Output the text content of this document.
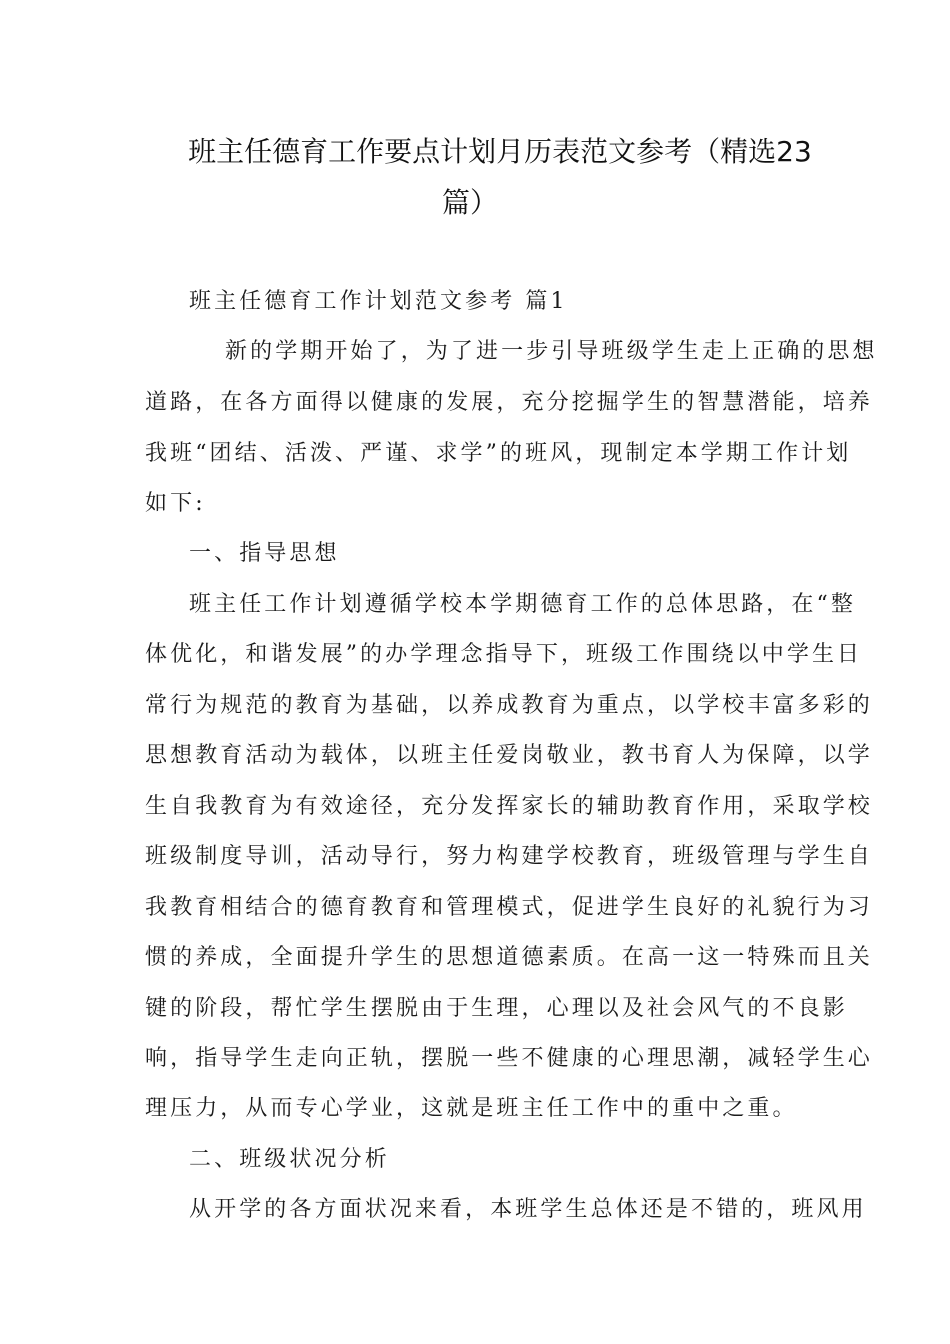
班主任德育工作要点计划月历表范文参考（精选23
篇）
班主任德育工作计划范文参考 篇1
新的学期开始了，为了进一步引导班级学生走上正确的思想
道路，在各方面得以健康的发展，充分挖掘学生的智慧潜能，培养
我班“团结、活泼、严谨、求学”的班风，现制定本学期工作计划
如下:
一、指导思想
班主任工作计划遵循学校本学期德育工作的总体思路，在“整
体优化，和谐发展”的办学理念指导下，班级工作围绕以中学生日
常行为规范的教育为基础，以养成教育为重点，以学校丰富多彩的
思想教育活动为载体，以班主任爱岗敬业，教书育人为保障，以学
生自我教育为有效途径，充分发挥家长的辅助教育作用，采取学校
班级制度导训，活动导行，努力构建学校教育，班级管理与学生自
我教育相结合的德育教育和管理模式，促进学生良好的礼貌行为习
惯的养成，全面提升学生的思想道德素质。在高一这一特殊而且关
键的阶段，帮忙学生摆脱由于生理，心理以及社会风气的不良影
响，指导学生走向正轨，摆脱一些不健康的心理思潮，减轻学生心
理压力，从而专心学业，这就是班主任工作中的重中之重。
二、班级状况分析
从开学的各方面状况来看，本班学生总体还是不错的，班风用
